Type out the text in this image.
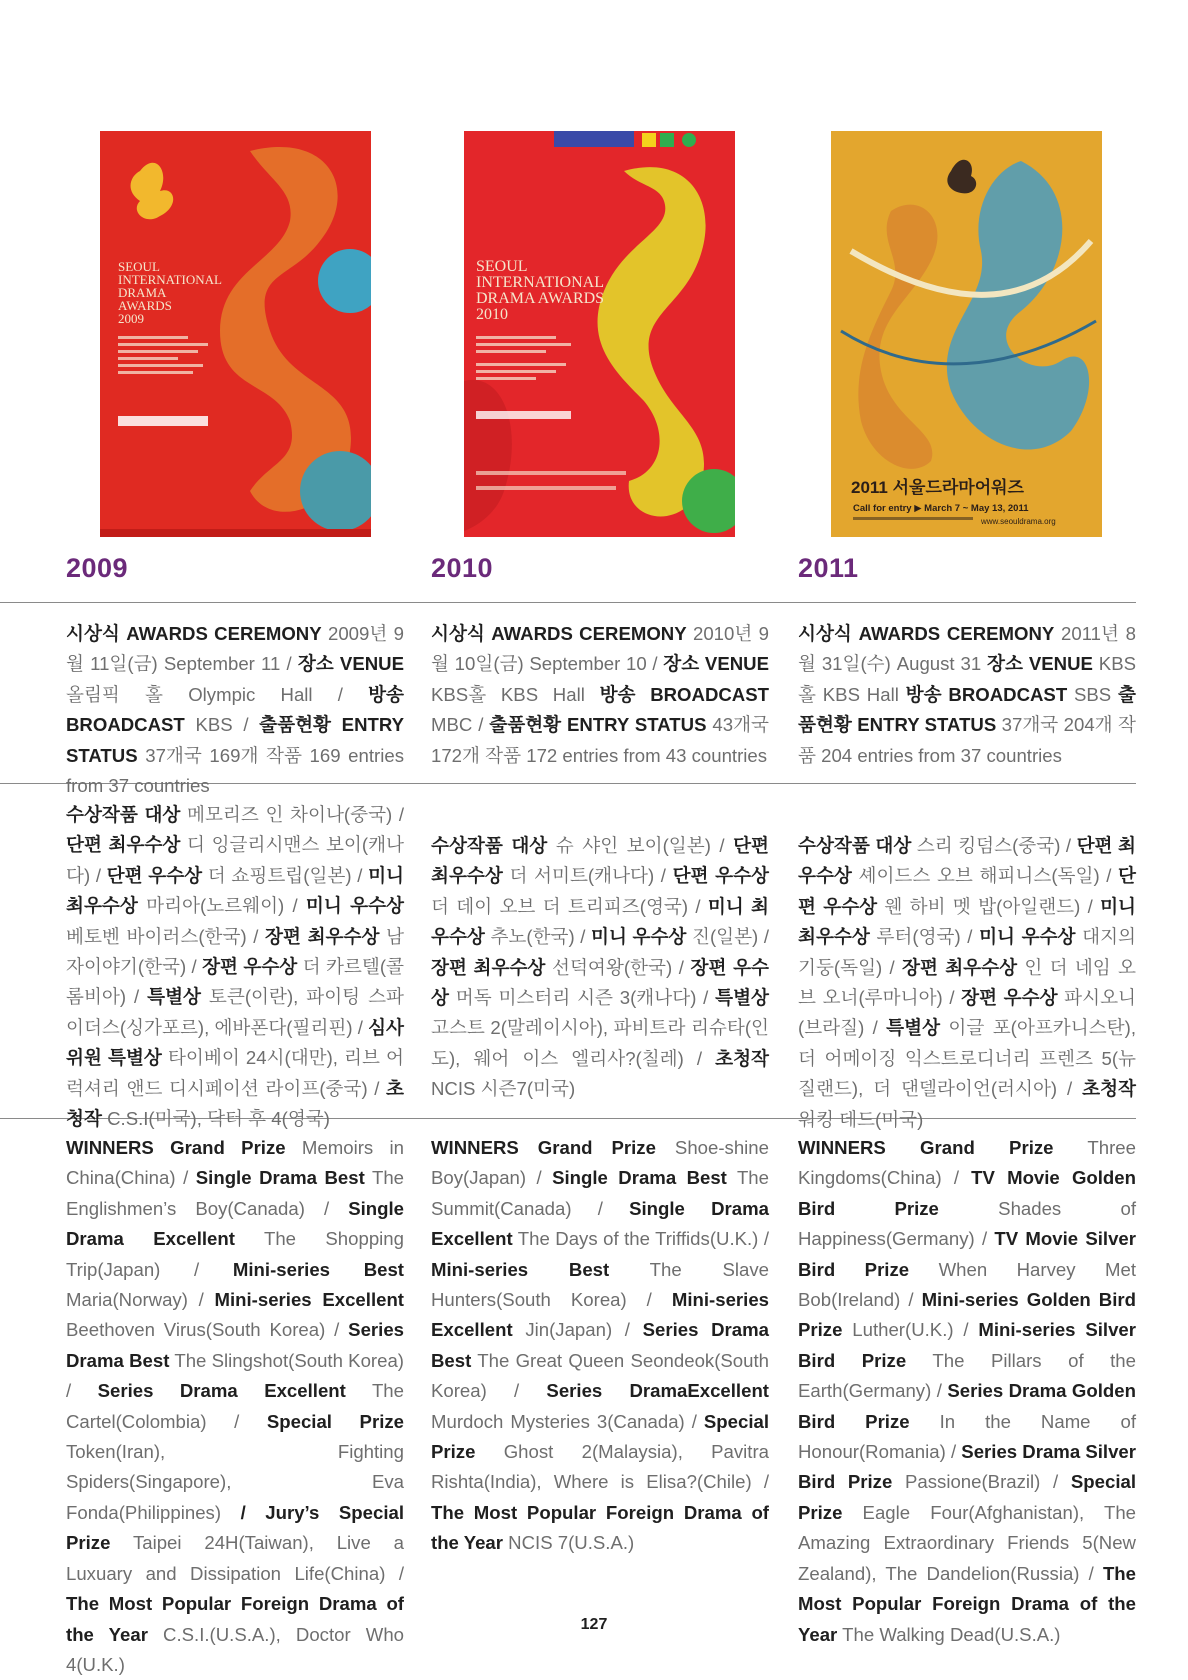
SEOUL
INTERNATIONAL
DRAMA
AWARDS
2009
SEOUL
INTERNATIONAL
DRAMA AWARDS
2010
2011 서울드라마어워즈
Call for entry ▶ March 7 ~ May 13, 2011
www.seouldrama.org
2009	2010	2011
시상식 AWARDS CEREMONY 2009년 9월 11일(금) September 11 / 장소 VENUE 올림픽 홀 Olympic Hall / 방송 BROADCAST KBS / 출품현황 ENTRY STATUS 37개국 169개 작품 169 entries from 37 countries
시상식 AWARDS CEREMONY 2010년 9월 10일(금) September 10 / 장소 VENUE KBS홀 KBS Hall 방송 BROADCAST MBC / 출품현황 ENTRY STATUS 43개국 172개 작품 172 entries from 43 countries
시상식 AWARDS CEREMONY 2011년 8월 31일(수) August 31 장소 VENUE KBS홀 KBS Hall 방송 BROADCAST SBS 출품현황 ENTRY STATUS 37개국 204개 작품 204 entries from 37 countries
수상작품 대상 메모리즈 인 차이나(중국) / 단편 최우수상 디 잉글리시맨스 보이(캐나다) / 단편 우수상 더 쇼핑트립(일본) / 미니 최우수상 마리아(노르웨이) / 미니 우수상 베토벤 바이러스(한국) / 장편 최우수상 남자이야기(한국) / 장편 우수상 더 카르텔(콜롬비아) / 특별상 토큰(이란), 파이팅 스파이더스(싱가포르), 에바폰다(필리핀) / 심사위원 특별상 타이베이 24시(대만), 리브 어 럭셔리 앤드 디시페이션 라이프(중국) / 초청작 C.S.I(미국), 닥터 후 4(영국)
수상작품 대상 슈 샤인 보이(일본) / 단편 최우수상 더 서미트(캐나다) / 단편 우수상 더 데이 오브 더 트리피즈(영국) / 미니 최우수상 추노(한국) / 미니 우수상 진(일본) / 장편 최우수상 선덕여왕(한국) / 장편 우수상 머독 미스터리 시즌 3(캐나다) / 특별상 고스트 2(말레이시아), 파비트라 리슈타(인도), 웨어 이스 엘리사?(칠레) / 초청작 NCIS 시즌7(미국)
수상작품 대상 스리 킹덤스(중국) / 단편 최우수상 셰이드스 오브 해피니스(독일) / 단편 우수상 웬 하비 멧 밥(아일랜드) / 미니 최우수상 루터(영국) / 미니 우수상 대지의 기둥(독일) / 장편 최우수상 인 더 네임 오브 오너(루마니아) / 장편 우수상 파시오니(브라질) / 특별상 이글 포(아프카니스탄), 더 어메이징 익스트로디너리 프렌즈 5(뉴질랜드), 더 댄델라이언(러시아) / 초청작 워킹 데드(미국)
WINNERS Grand Prize Memoirs in China(China) / Single Drama Best The Englishmen’s Boy(Canada) / Single Drama Excellent The Shopping Trip(Japan) / Mini-series Best Maria(Norway) / Mini-series Excellent Beethoven Virus(South Korea) / Series Drama Best The Slingshot(South Korea) / Series Drama Excellent The Cartel(Colombia) / Special Prize Token(Iran), Fighting Spiders(Singapore), Eva Fonda(Philippines) / Jury’s Special Prize Taipei 24H(Taiwan), Live a Luxuary and Dissipation Life(China) / The Most Popular Foreign Drama of the Year C.S.I.(U.S.A.), Doctor Who 4(U.K.)
WINNERS Grand Prize Shoe-shine Boy(Japan) / Single Drama Best The Summit(Canada) / Single Drama Excellent The Days of the Triffids(U.K.) / Mini-series Best The Slave Hunters(South Korea) / Mini-series Excellent Jin(Japan) / Series Drama Best The Great Queen Seondeok(South Korea) / Series DramaExcellent Murdoch Mysteries 3(Canada) / Special Prize Ghost 2(Malaysia), Pavitra Rishta(India), Where is Elisa?(Chile) / The Most Popular Foreign Drama of the Year NCIS 7(U.S.A.)
WINNERS Grand Prize Three Kingdoms(China) / TV Movie Golden Bird Prize Shades of Happiness(Germany) / TV Movie Silver Bird Prize When Harvey Met Bob(Ireland) / Mini-series Golden Bird Prize Luther(U.K.) / Mini-series Silver Bird Prize The Pillars of the Earth(Germany) / Series Drama Golden Bird Prize In the Name of Honour(Romania) / Series Drama Silver Bird Prize Passione(Brazil) / Special Prize Eagle Four(Afghanistan), The Amazing Extraordinary Friends 5(New Zealand), The Dandelion(Russia) / The Most Popular Foreign Drama of the Year The Walking Dead(U.S.A.)
127
